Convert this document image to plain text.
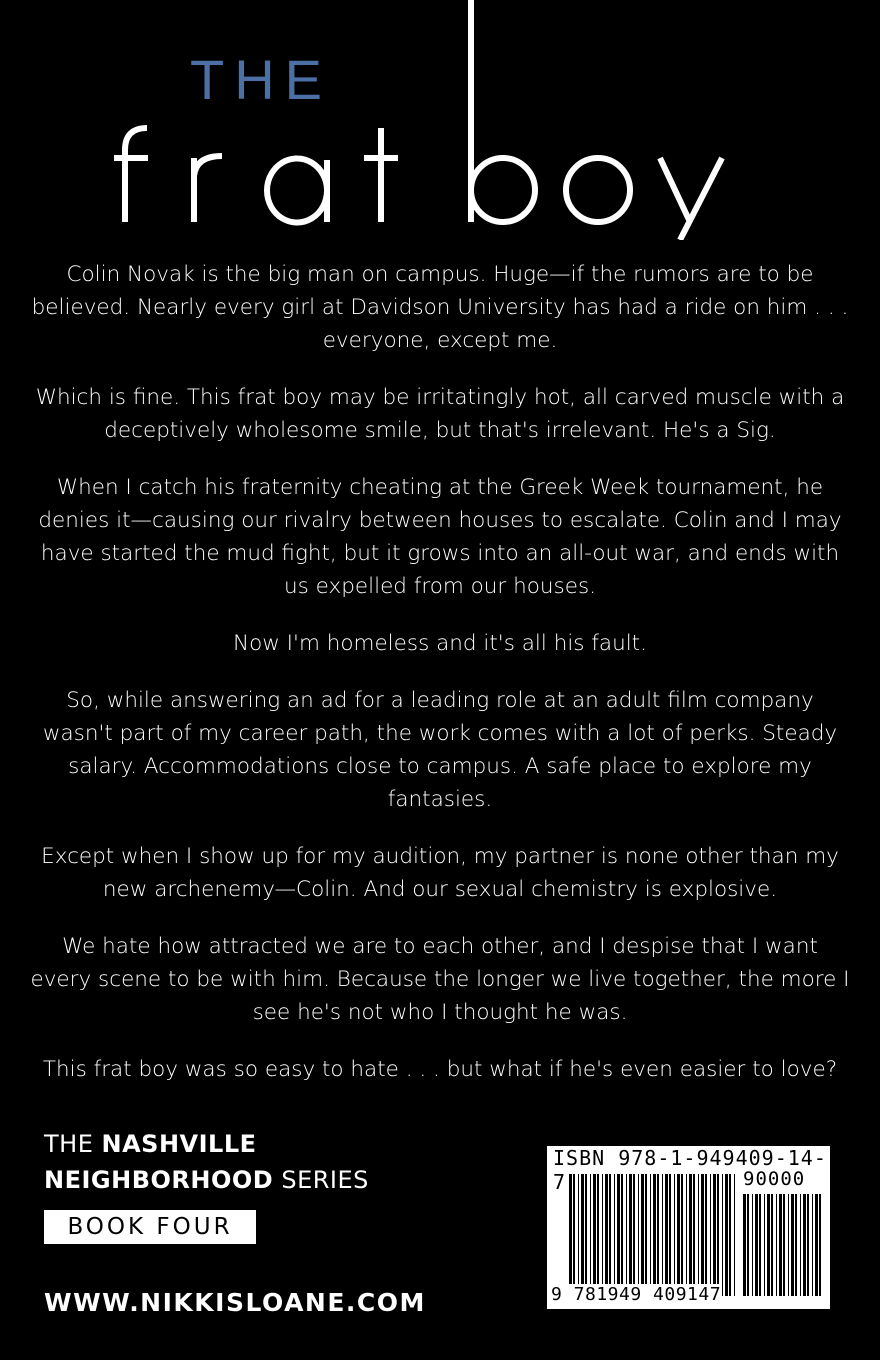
THE

Colin Novak is the big man on campus. Huge—if the rumors are to be believed. Nearly every girl at Davidson University has had a ride on him . . . everyone, except me.

Which is fine. This frat boy may be irritatingly hot, all carved muscle with a deceptively wholesome smile, but that's irrelevant. He's a Sig.

When I catch his fraternity cheating at the Greek Week tournament, he denies it—causing our rivalry between houses to escalate. Colin and I may have started the mud fight, but it grows into an all-out war, and ends with us expelled from our houses.

Now I'm homeless and it's all his fault.

So, while answering an ad for a leading role at an adult film company wasn't part of my career path, the work comes with a lot of perks. Steady salary. Accommodations close to campus. A safe place to explore my fantasies.

Except when I show up for my audition, my partner is none other than my new archenemy—Colin. And our sexual chemistry is explosive.

We hate how attracted we are to each other, and I despise that I want every scene to be with him. Because the longer we live together, the more I see he's not who I thought he was.

This frat boy was so easy to hate . . . but what if he's even easier to love?

THE NASHVILLE
NEIGHBORHOOD SERIES
BOOK FOUR
WWW.NIKKISLOANE.COM
ISBN 978-1-949409-14-7	90000
9 781949 409147
